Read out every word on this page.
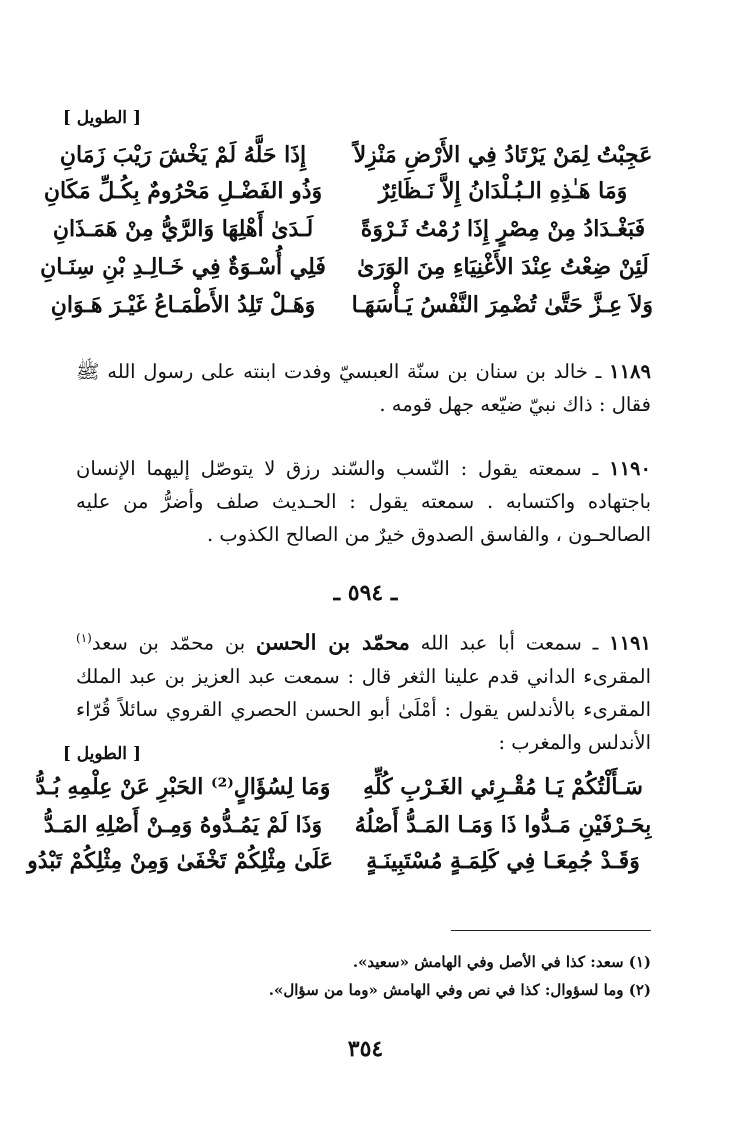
[ الطويل ]
عَجِبْتُ لِمَنْ يَرْتَادُ فِي الأَرْضِ مَنْزِلاً
إِذَا حَلَّهُ لَمْ يَخْشَ رَيْبَ زَمَانِ
وَمَا هَـٰذِهِ الـبُـلْدَانُ إِلاَّ نَـظَائِرٌ
وَذُو الفَضْـلِ مَحْرُومٌ بِكُـلِّ مَكَانِ
فَبَغْـدَادُ مِنْ مِصْرٍ إِذَا رُمْتُ ثَـرْوَةً
لَـدَىٰ أَهْلِهَا وَالرَّيُّ مِنْ هَمَـذَانِ
لَئِنْ ضِعْتُ عِنْدَ الأَغْنِيَاءِ مِنَ الوَرَىٰ
فَلِي أُسْـوَةٌ فِي خَـالِـدِ بْنِ سِنَـانِ
وَلاَ عِـزَّ حَتَّىٰ تُضْمِرَ النَّفْسُ يَـأْسَهَـا
وَهَـلْ تَلِدُ الأَطْمَـاعُ غَيْـرَ هَـوَانِ
١١٨٩ ـ خالد بن سنان بن سنّة العبسيّ وفدت ابنته على رسول الله ﷺ فقال : ذاك نبيّ ضيّعه جهل قومه .
١١٩٠ ـ سمعته يقول : النّسب والسّند رزق لا يتوصّل إليهما الإنسان باجتهاده واكتسابه . سمعته يقول : الحـديث صلف وأضرُّ من عليه الصالحـون ، والفاسق الصدوق خيرٌ من الصالح الكذوب .
ـ ٥٩٤ ـ
١١٩١ ـ سمعت أبا عبد الله محمّد بن الحسن بن محمّد بن سعد$^{(١)}$ المقرىء الداني قدم علينا الثغر قال : سمعت عبد العزيز بن عبد الملك المقرىء بالأندلس يقول : أمْلَىٰ أبو الحسن الحصري القروي سائلاً قُرّاء الأندلس والمغرب :
[ الطويل ]
سَـأَلْتُكُمْ يَـا مُقْـرِئي الغَـرْبِ كُلِّهِ
وَمَا لِسُؤَالٍ⁽²⁾ الحَبْرِ عَنْ عِلْمِهِ بُـدُّ
بِحَـرْفَيْنِ مَـدُّوا ذَا وَمَـا المَـدُّ أَصْلُهُ
وَذَا لَمْ يَمُـدُّوهُ وَمِـنْ أَصْلِهِ المَـدُّ
وَقَـدْ جُمِعَـا فِي كَلِمَـةٍ مُسْتَبِينَـةٍ
عَلَىٰ مِثْلِكُمْ تَخْفَىٰ وَمِنْ مِثْلِكُمْ تَبْدُو
(١) سعد: كذا في الأصل وفي الهامش «سعيد».
(٢) وما لسؤوال: كذا في نص وفي الهامش «وما من سؤال».
٣٥٤
